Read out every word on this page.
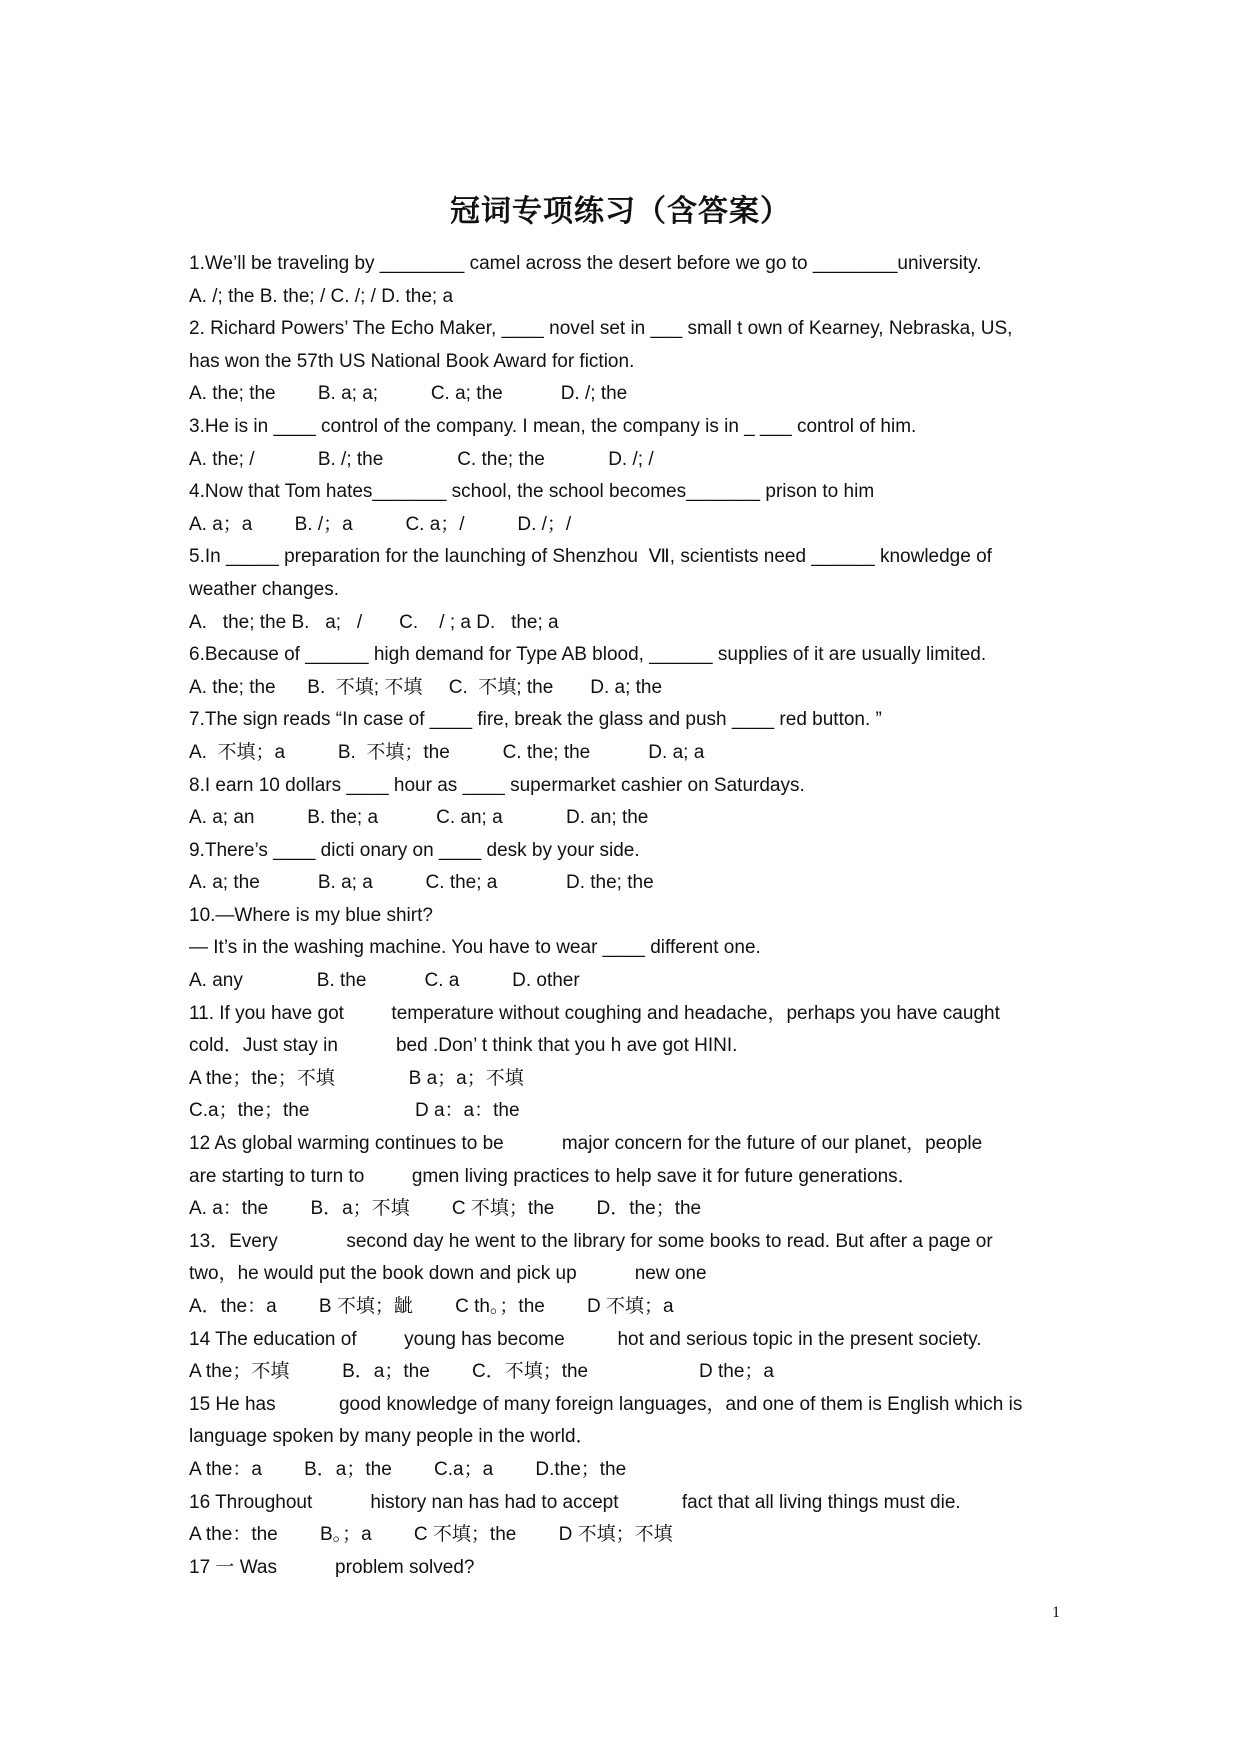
冠词专项练习（含答案）
1.We’ll be traveling by ________ camel across the desert before we go to ________university.
A. /; the B. the; / C. /; / D. the; a
2. Richard Powers’ The Echo Maker, ____ novel set in ___ small t own of Kearney, Nebraska, US,
has won the 57th US National Book Award for fiction.
A. the; the        B. a; a;          C. a; the           D. /; the
3.He is in ____ control of the company. I mean, the company is in _ ___ control of him.
A. the; /            B. /; the              C. the; the            D. /; /
4.Now that Tom hates_______ school, the school becomes_______ prison to him
A. a；a        B. /；a          C. a；/          D. /；/
5.In _____ preparation for the launching of Shenzhou  Ⅶ, scientists need ______ knowledge of
weather changes.
A.   the; the B.   a;   /       C.    / ; a D.   the; a
6.Because of ______ high demand for Type AB blood, ______ supplies of it are usually limited.
A. the; the      B.  不填; 不填     C.  不填; the       D. a; the
7.The sign reads “In case of ____ fire, break the glass and push ____ red button. ”
A.  不填；a          B.  不填；the          C. the; the           D. a; a
8.I earn 10 dollars ____ hour as ____ supermarket cashier on Saturdays.
A. a; an          B. the; a           C. an; a            D. an; the
9.There’s ____ dicti onary on ____ desk by your side.
A. a; the           B. a; a          C. the; a             D. the; the
10.—Where is my blue shirt?
— It’s in the washing machine. You have to wear ____ different one.
A. any              B. the           C. a          D. other
11. If you have got         temperature without coughing and headache，perhaps you have caught
cold．Just stay in           bed .Don’ t think that you h ave got HINI.
A the；the；不填              B a；a；不填
C.a；the；the                    D a：a：the
12 As global warming continues to be           major concern for the future of our planet，people
are starting to turn to         gmen living practices to help save it for future generations．
A. a：the        B．a；不填        C 不填；the        D．the；the
13．Every             second day he went to the library for some books to read. But after a page or
two，he would put the book down and pick up           new one
A．the：a        B 不填；龇        C th。；the        D 不填；a
14 The education of         young has become          hot and serious topic in the present society.
A the；不填          B．a；the        C．不填；the                     D the；a
15 He has            good knowledge of many foreign languages，and one of them is English which is
language spoken by many people in the world．
A the：a        B．a；the        C.a；a        D.the；the
16 Throughout           history nan has had to accept            fact that all living things must die.
A the：the        B。；a        C 不填；the        D 不填；不填
17 一 Was           problem solved?
1
